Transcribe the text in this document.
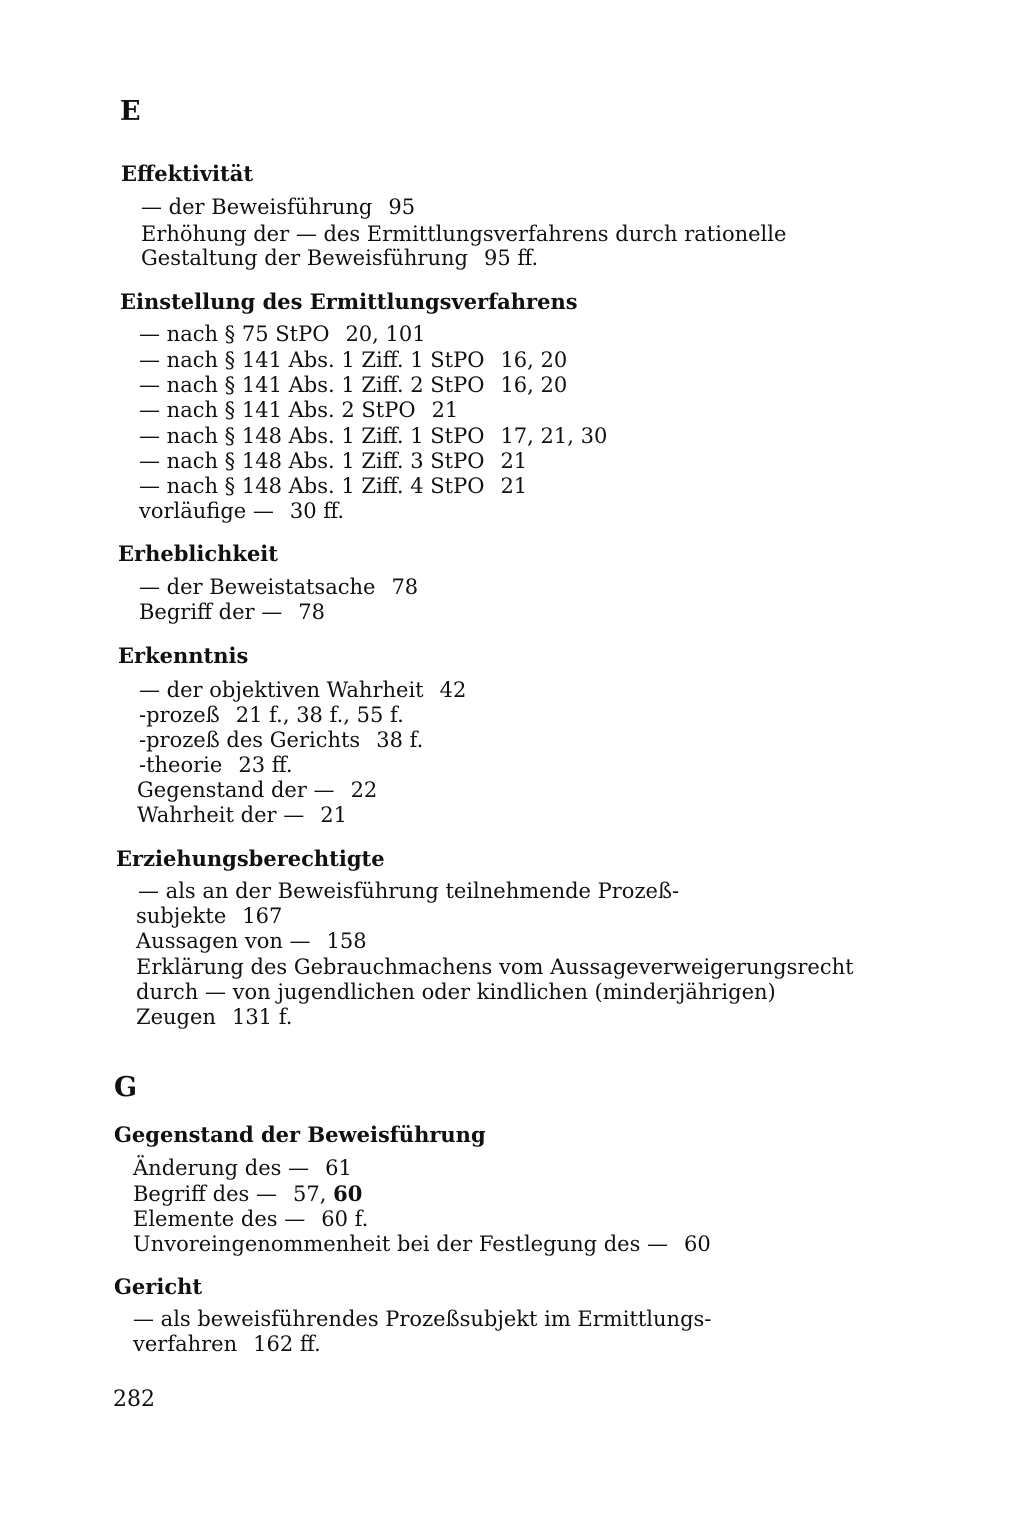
E
Effektivität
— der Beweisführung 95
Erhöhung der — des Ermittlungsverfahrens durch rationelle
Gestaltung der Beweisführung 95 ff.
Einstellung des Ermittlungsverfahrens
— nach § 75 StPO 20, 101
— nach § 141 Abs. 1 Ziff. 1 StPO 16, 20
— nach § 141 Abs. 1 Ziff. 2 StPO 16, 20
— nach § 141 Abs. 2 StPO 21
— nach § 148 Abs. 1 Ziff. 1 StPO 17, 21, 30
— nach § 148 Abs. 1 Ziff. 3 StPO 21
— nach § 148 Abs. 1 Ziff. 4 StPO 21
vorläufige — 30 ff.
Erheblichkeit
— der Beweistatsache 78
Begriff der — 78
Erkenntnis
— der objektiven Wahrheit 42
-prozeß 21 f., 38 f., 55 f.
-prozeß des Gerichts 38 f.
-theorie 23 ff.
Gegenstand der — 22
Wahrheit der — 21
Erziehungsberechtigte
— als an der Beweisführung teilnehmende Prozeß-
subjekte 167
Aussagen von — 158
Erklärung des Gebrauchmachens vom Aussageverweigerungsrecht
durch — von jugendlichen oder kindlichen (minderjährigen)
Zeugen 131 f.
G
Gegenstand der Beweisführung
Änderung des — 61
Begriff des — 57, 60
Elemente des — 60 f.
Unvoreingenommenheit bei der Festlegung des — 60
Gericht
— als beweisführendes Prozeßsubjekt im Ermittlungs-
verfahren 162 ff.
282
